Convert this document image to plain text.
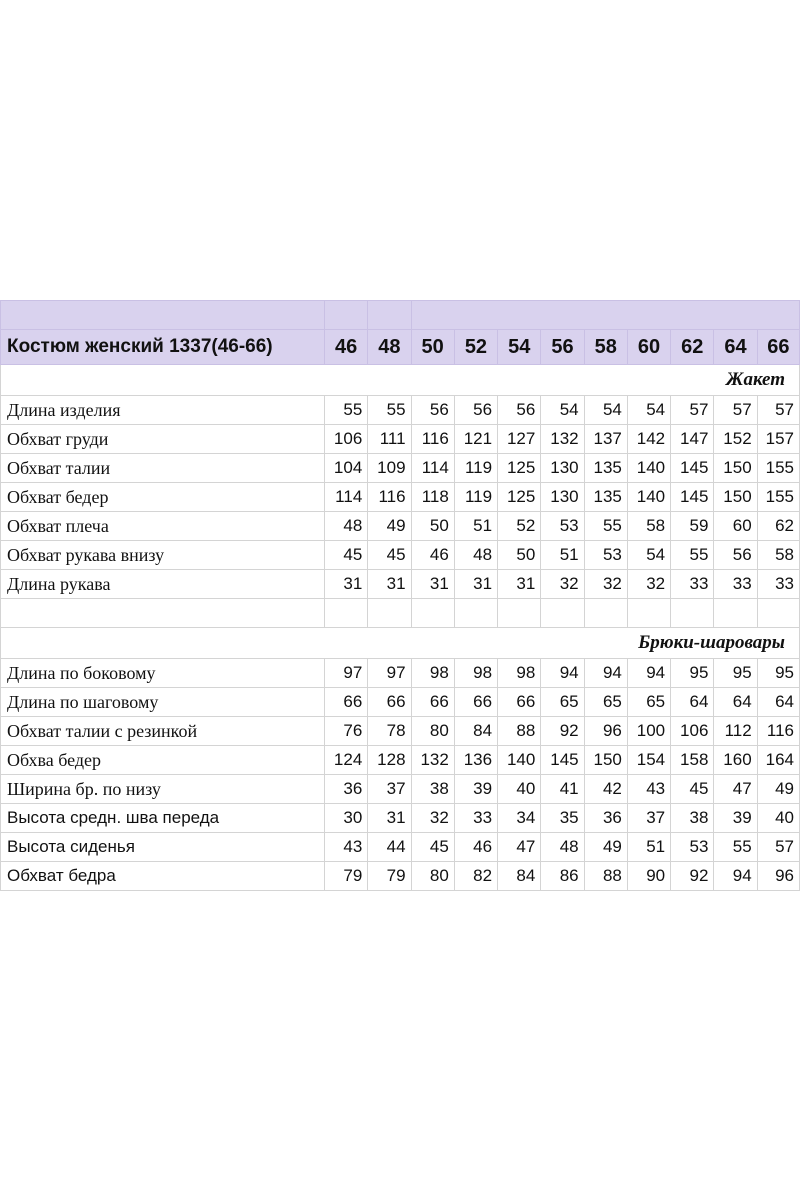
Костюм женский 1337(46-66)	46	48	50	52	54	56	58	60	62	64	66
Жакет											
Длина изделия	55	55	56	56	56	54	54	54	57	57	57
Обхват груди	106	111	116	121	127	132	137	142	147	152	157
Обхват талии	104	109	114	119	125	130	135	140	145	150	155
Обхват бедер	114	116	118	119	125	130	135	140	145	150	155
Обхват плеча	48	49	50	51	52	53	55	58	59	60	62
Обхват рукава внизу	45	45	46	48	50	51	53	54	55	56	58
Длина рукава	31	31	31	31	31	32	32	32	33	33	33

Брюки-шаровары											
Длина по боковому	97	97	98	98	98	94	94	94	95	95	95
Длина по шаговому	66	66	66	66	66	65	65	65	64	64	64
Обхват талии с резинкой	76	78	80	84	88	92	96	100	106	112	116
Обхва бедер	124	128	132	136	140	145	150	154	158	160	164
Ширина бр. по низу	36	37	38	39	40	41	42	43	45	47	49
Высота средн. шва переда	30	31	32	33	34	35	36	37	38	39	40
Высота сиденья	43	44	45	46	47	48	49	51	53	55	57
Обхват бедра	79	79	80	82	84	86	88	90	92	94	96
